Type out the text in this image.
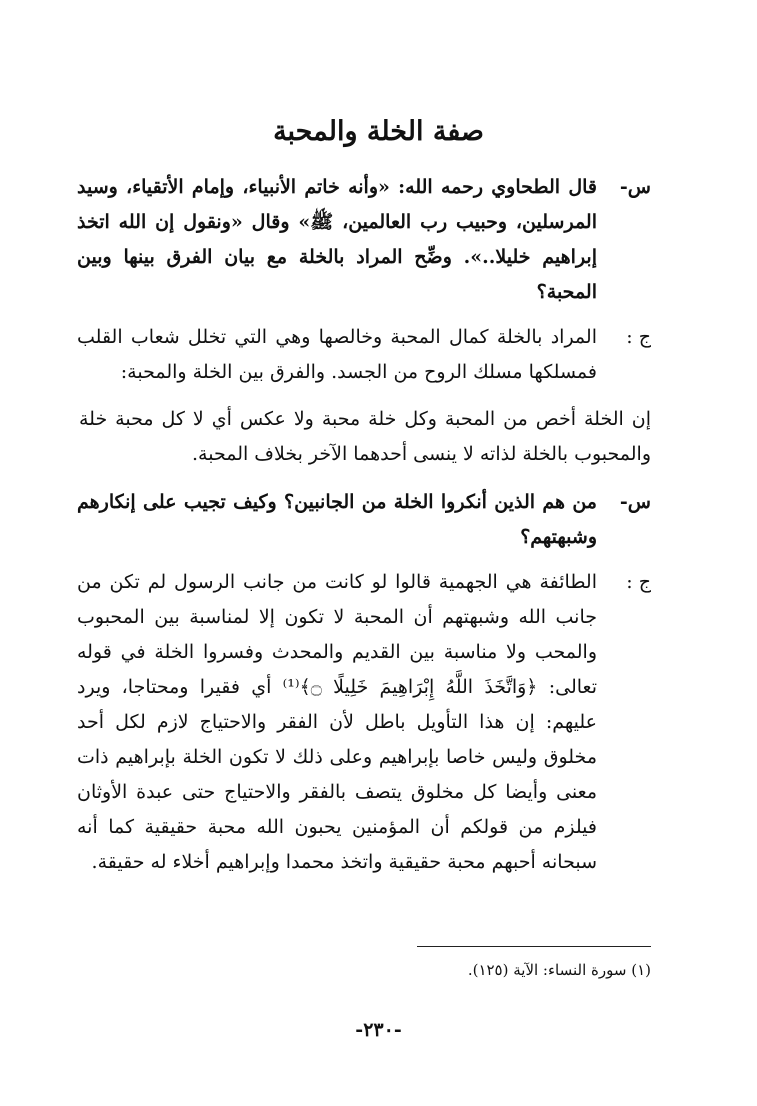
صفة الخلة والمحبة
س-
قال الطحاوي رحمه الله: «وأنه خاتم الأنبياء، وإمام الأتقياء، وسيد المرسلين، وحبيب رب العالمين، ﷺ» وقال «ونقول إن الله اتخذ إبراهيم خليلا..». وضِّح المراد بالخلة مع بيان الفرق بينها وبين المحبة؟
ج :
المراد بالخلة كمال المحبة وخالصها وهي التي تخلل شعاب القلب فمسلكها مسلك الروح من الجسد. والفرق بين الخلة والمحبة:
إن الخلة أخص من المحبة وكل خلة محبة ولا عكس أي لا كل محبة خلة والمحبوب بالخلة لذاته لا ينسى أحدهما الآخر بخلاف المحبة.
س-
من هم الذين أنكروا الخلة من الجانبين؟ وكيف تجيب على إنكارهم وشبهتهم؟
ج :
الطائفة هي الجهمية قالوا لو كانت من جانب الرسول لم تكن من جانب الله وشبهتهم أن المحبة لا تكون إلا لمناسبة بين المحبوب والمحب ولا مناسبة بين القديم والمحدث وفسروا الخلة في قوله تعالى: ﴿وَاتَّخَذَ اللَّهُ إِبْرَاهِيمَ خَلِيلًا ۝﴾⁽¹⁾ أي فقيرا ومحتاجا، ويرد عليهم: إن هذا التأويل باطل لأن الفقر والاحتياج لازم لكل أحد مخلوق وليس خاصا بإبراهيم وعلى ذلك لا تكون الخلة بإبراهيم ذات معنى وأيضا كل مخلوق يتصف بالفقر والاحتياج حتى عبدة الأوثان فيلزم من قولكم أن المؤمنين يحبون الله محبة حقيقية كما أنه سبحانه أحبهم محبة حقيقية واتخذ محمدا وإبراهيم أخلاء له حقيقة.
(١) سورة النساء: الآية (١٢٥).
-٢٣٠-
